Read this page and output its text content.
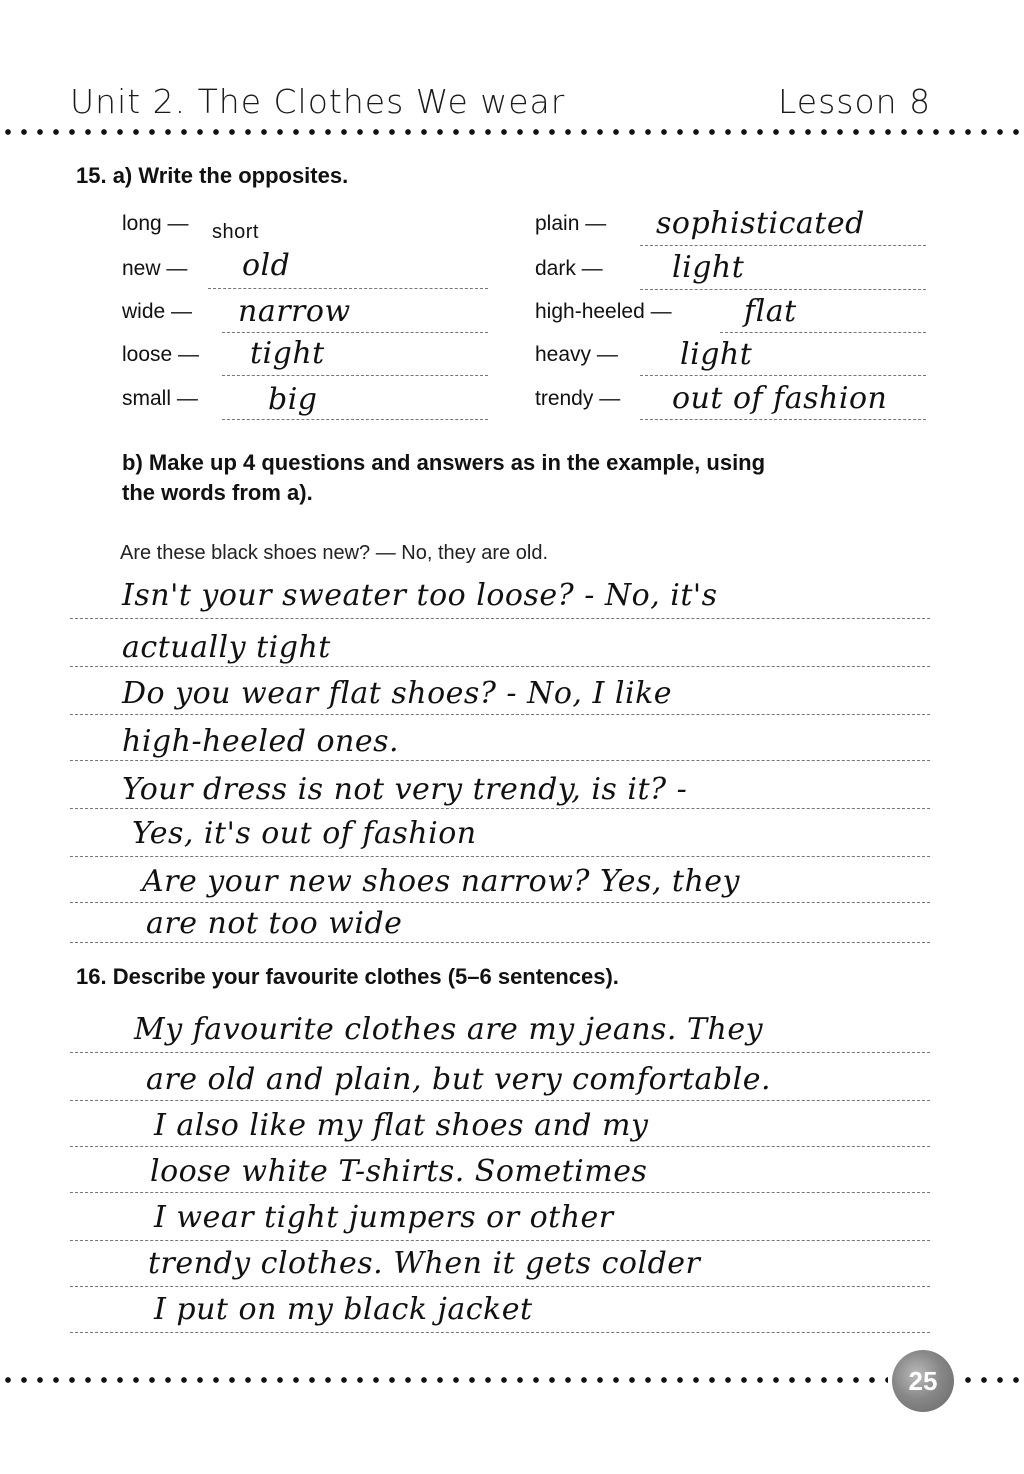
Unit 2. The Clothes We wear	Lesson 8
15. a) Write the opposites.
long — short
new — old
wide — narrow
loose — tight
small — big
plain — sophisticated
dark — light
high-heeled — flat
heavy — light
trendy — out of fashion
b) Make up 4 questions and answers as in the example, using
the words from a).
Are these black shoes new? — No, they are old.
Isn't your sweater too loose? - No, it's
actually tight
Do you wear flat shoes? - No, I like
high-heeled ones.
Your dress is not very trendy, is it? -
Yes, it's out of fashion
Are your new shoes narrow? Yes, they
are not too wide
16. Describe your favourite clothes (5–6 sentences).
My favourite clothes are my jeans. They
are old and plain, but very comfortable.
I also like my flat shoes and my
loose white T-shirts. Sometimes
I wear tight jumpers or other
trendy clothes. When it gets colder
I put on my black jacket
25
